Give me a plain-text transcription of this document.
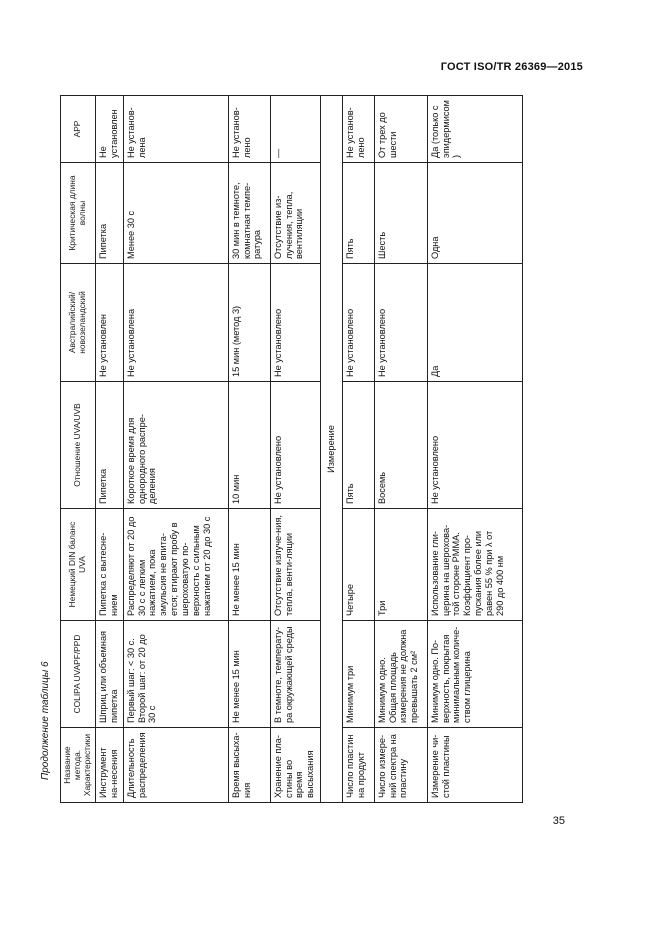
ГОСТ ISO/TR 26369—2015
Продолжение таблицы 6 Название метода. Характеристики	COLIPA UVAPF/PPD	Немецкий DIN баланс UVA	Отношение UVA/UVB	Австралийский/ новозеландский	Критическая длина волны	APP
Инструмент на-несения	Шприц или объемная пипетка	Пипетка с вытесне-нием	Пипетка	Не установлен	Пипетка	Не установлен
Длительность распределения	Первый шаг: < 30 с. Второй шаг: от 20 до 30 с	Распределяют от 20 до 30 с с легким нажатием, пока эмульсия не впита-ется; втирают пробу в шероховатую по-верхность с сильным нажатием от 20 до 30 с	Короткое время для однородного распре-деления	Не установлена	Менее 30 с	Не установ-лена
Время высыха-ния	Не менее 15 мин	Не менее 15 мин	10 мин	15 мин (метод 3)	30 мин в темноте, комнатная темпе-ратура	Не установ-лено
Хранение пла-стины во время высыхания	В темноте, температу-ра окружающей среды	Отсутствие излуче-ния, тепла, венти-ляции	Не установлено	Не установлено	Отсутствие из-лучения, тепла, вентиляции	—
Измерение						
Число пластин на продукт	Минимум три	Четыре	Пять	Не установлено	Пять	Не установ-лено
Число измере-ний спектра на пластину	Минимум одно. Общая площадь измерения не должна превышать 2 см²	Три	Восемь	Не установлено	Шесть	От трех до шести
Измерение чи-стой пластины	Минимум одно. По-верхность, покрытая минимальным количе-ством глицерина	Использование гли-церина на шерохова-той стороне PMMA. Коэффициент про-пускания более или равен 55 % при λ от 290 до 400 нм	Не установлено	Да	Одна	Да (только с эпидермисом)
35
